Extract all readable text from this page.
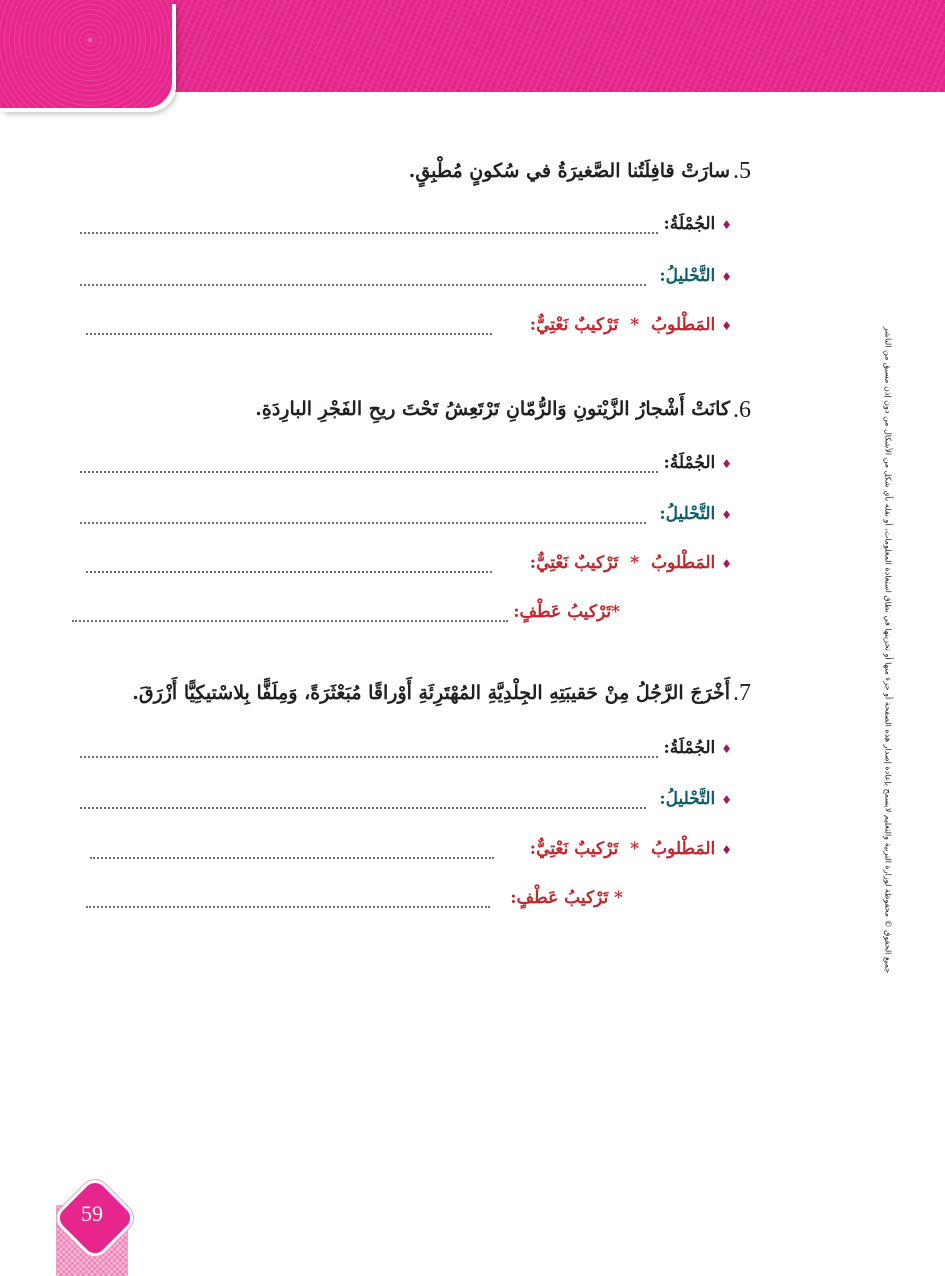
.5
سارَتْ قافِلَتُنا الصَّغيرَةُ في سُكونٍ مُطْبِقٍ.
♦الجُمْلَةُ:
♦التَّحْليلُ:
♦المَطْلوبُ*تَرْكيبٌ نَعْتِيٌّ:
.6
كانَتْ أَشْجارُ الزَّيْتونِ وَالرُّمّانِ تَرْتَعِشُ تَحْتَ ريحِ الفَجْرِ البارِدَةِ.
♦الجُمْلَةُ:
♦التَّحْليلُ:
♦المَطْلوبُ*تَرْكيبٌ نَعْتِيٌّ:
*تَرْكيبُ عَطْفٍ:
.7
أَخْرَجَ الرَّجُلُ مِنْ حَقيبَتِهِ الجِلْدِيَّةِ المُهْتَرِئَةِ أَوْراقًا مُبَعْثَرَةً، وَمِلَفًّا بِلاسْتيكِيًّا أَزْرَقَ.
♦الجُمْلَةُ:
♦التَّحْليلُ:
♦المَطْلوبُ*تَرْكيبٌ نَعْتِيٌّ:
* تَرْكيبُ عَطْفٍ:	جميع الحقوق © محفوظة لوزارة التربية والتعليم لايسمح بإعادة إصدار هذه الصفحة أو جزء منها أو تخزينها في نطاق استعادة المعلومات، أو نقله بأي شكل من الأشكال من دون إذن مسبق من الناشر
59
